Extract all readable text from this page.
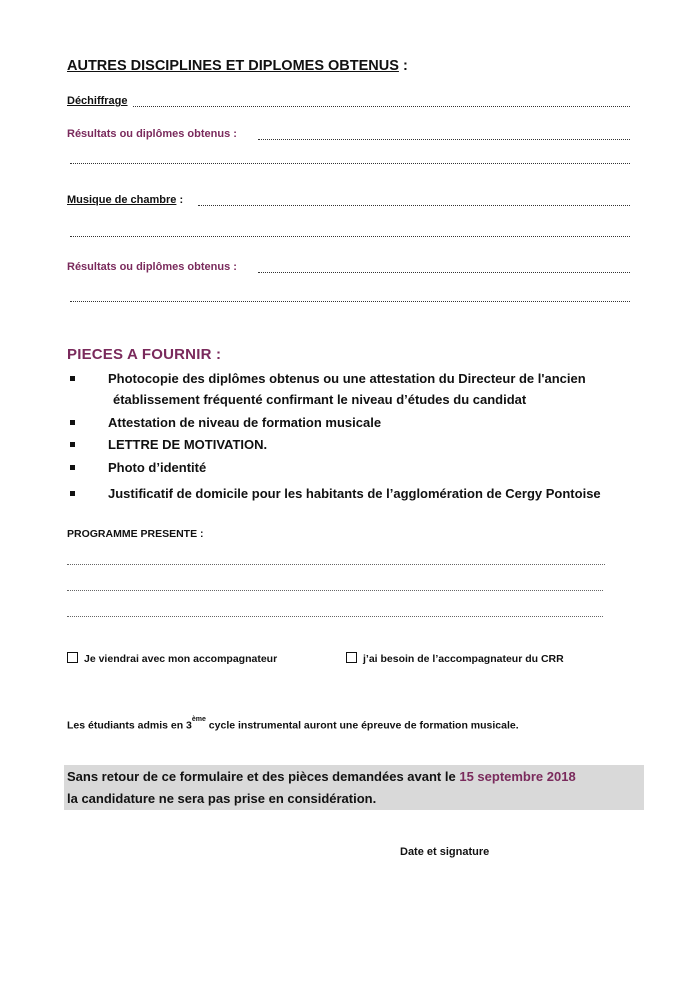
AUTRES DISCIPLINES ET DIPLOMES OBTENUS :
Déchiffrage
Résultats ou diplômes obtenus :
Musique de chambre :
Résultats ou diplômes obtenus :
PIECES A FOURNIR :
Photocopie des diplômes obtenus ou une attestation du Directeur de l'ancien
établissement fréquenté confirmant le niveau d’études du candidat
Attestation de niveau de formation musicale
LETTRE DE MOTIVATION.
Photo d’identité
Justificatif de domicile pour les habitants de l’agglomération de Cergy Pontoise
PROGRAMME PRESENTE :
Je viendrai avec mon accompagnateur	j’ai besoin de l’accompagnateur du CRR
Les étudiants admis en 3ème cycle instrumental auront une épreuve de formation musicale.
Sans retour de ce formulaire et des pièces demandées avant le 15 septembre 2018
la candidature ne sera pas prise en considération.
Date et signature
